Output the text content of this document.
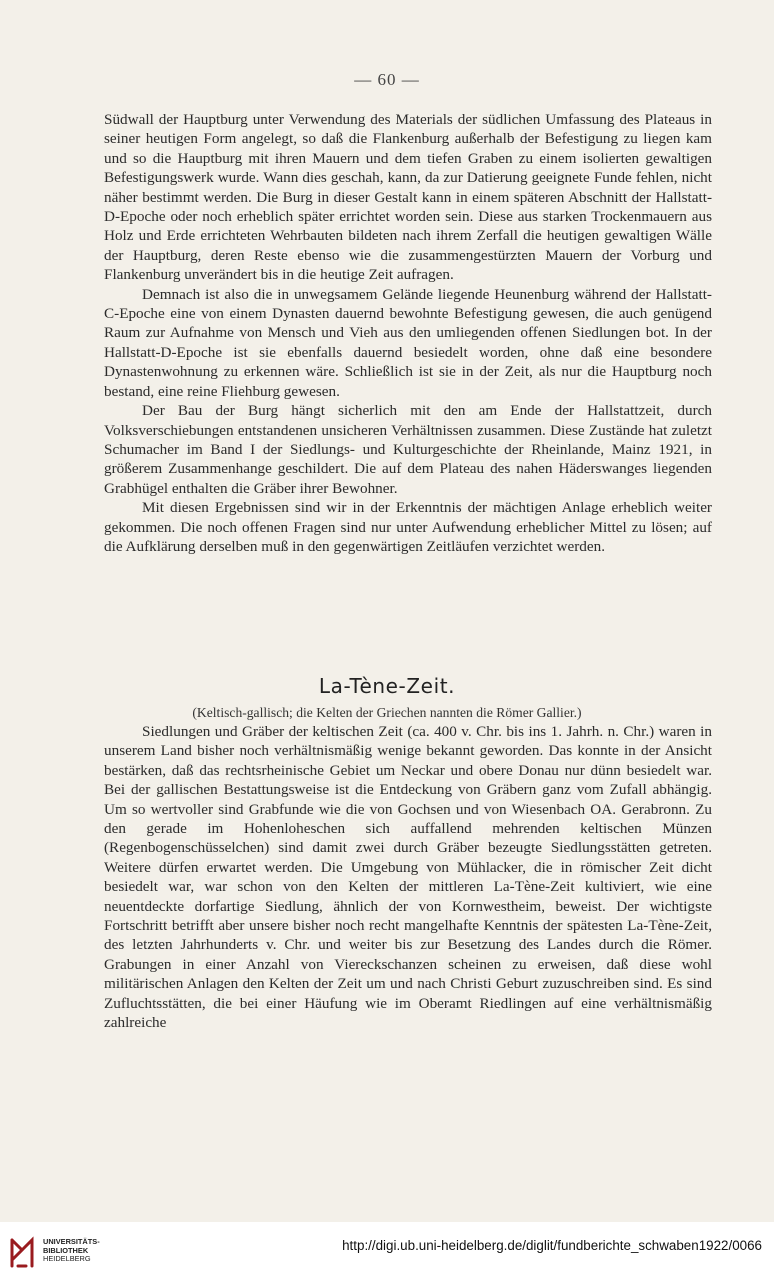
— 60 —

Südwall der Hauptburg unter Verwendung des Materials der südlichen Umfassung des Plateaus in seiner heutigen Form angelegt, so daß die Flankenburg außerhalb der Befestigung zu liegen kam und so die Hauptburg mit ihren Mauern und dem tiefen Graben zu einem isolierten gewaltigen Befestigungswerk wurde. Wann dies geschah, kann, da zur Datierung geeignete Funde fehlen, nicht näher bestimmt werden. Die Burg in dieser Gestalt kann in einem späteren Abschnitt der Hallstatt-D-Epoche oder noch erheblich später errichtet worden sein. Diese aus starken Trockenmauern aus Holz und Erde errichteten Wehrbauten bildeten nach ihrem Zerfall die heutigen gewaltigen Wälle der Hauptburg, deren Reste ebenso wie die zusammengestürzten Mauern der Vorburg und Flankenburg unverändert bis in die heutige Zeit aufragen.

Demnach ist also die in unwegsamem Gelände liegende Heunenburg während der Hallstatt-C-Epoche eine von einem Dynasten dauernd bewohnte Befestigung gewesen, die auch genügend Raum zur Aufnahme von Mensch und Vieh aus den umliegenden offenen Siedlungen bot. In der Hallstatt-D-Epoche ist sie ebenfalls dauernd besiedelt worden, ohne daß eine besondere Dynastenwohnung zu erkennen wäre. Schließlich ist sie in der Zeit, als nur die Hauptburg noch bestand, eine reine Fliehburg gewesen.

Der Bau der Burg hängt sicherlich mit den am Ende der Hallstattzeit, durch Volksverschiebungen entstandenen unsicheren Verhältnissen zusammen. Diese Zustände hat zuletzt Schumacher im Band I der Siedlungs- und Kulturgeschichte der Rheinlande, Mainz 1921, in größerem Zusammenhange geschildert. Die auf dem Plateau des nahen Häderswanges liegenden Grabhügel enthalten die Gräber ihrer Bewohner.

Mit diesen Ergebnissen sind wir in der Erkenntnis der mächtigen Anlage erheblich weiter gekommen. Die noch offenen Fragen sind nur unter Aufwendung erheblicher Mittel zu lösen; auf die Aufklärung derselben muß in den gegenwärtigen Zeitläufen verzichtet werden.

La-Tène-Zeit.
(Keltisch-gallisch; die Kelten der Griechen nannten die Römer Gallier.)

Siedlungen und Gräber der keltischen Zeit (ca. 400 v. Chr. bis ins 1. Jahrh. n. Chr.) waren in unserem Land bisher noch verhältnismäßig wenige bekannt geworden. Das konnte in der Ansicht bestärken, daß das rechtsrheinische Gebiet um Neckar und obere Donau nur dünn besiedelt war. Bei der gallischen Bestattungsweise ist die Entdeckung von Gräbern ganz vom Zufall abhängig. Um so wertvoller sind Grabfunde wie die von Gochsen und von Wiesenbach OA. Gerabronn. Zu den gerade im Hohenloheschen sich auffallend mehrenden keltischen Münzen (Regenbogenschüsselchen) sind damit zwei durch Gräber bezeugte Siedlungsstätten getreten. Weitere dürfen erwartet werden. Die Umgebung von Mühlacker, die in römischer Zeit dicht besiedelt war, war schon von den Kelten der mittleren La-Tène-Zeit kultiviert, wie eine neuentdeckte dorfartige Siedlung, ähnlich der von Kornwestheim, beweist. Der wichtigste Fortschritt betrifft aber unsere bisher noch recht mangelhafte Kenntnis der spätesten La-Tène-Zeit, des letzten Jahrhunderts v. Chr. und weiter bis zur Besetzung des Landes durch die Römer. Grabungen in einer Anzahl von Viereckschanzen scheinen zu erweisen, daß diese wohl militärischen Anlagen den Kelten der Zeit um und nach Christi Geburt zuzuschreiben sind. Es sind Zufluchtsstätten, die bei einer Häufung wie im Oberamt Riedlingen auf eine verhältnismäßig zahlreiche

UNIVERSITÄTS-
BIBLIOTHEK
HEIDELBERG
http://digi.ub.uni-heidelberg.de/diglit/fundberichte_schwaben1922/0066
